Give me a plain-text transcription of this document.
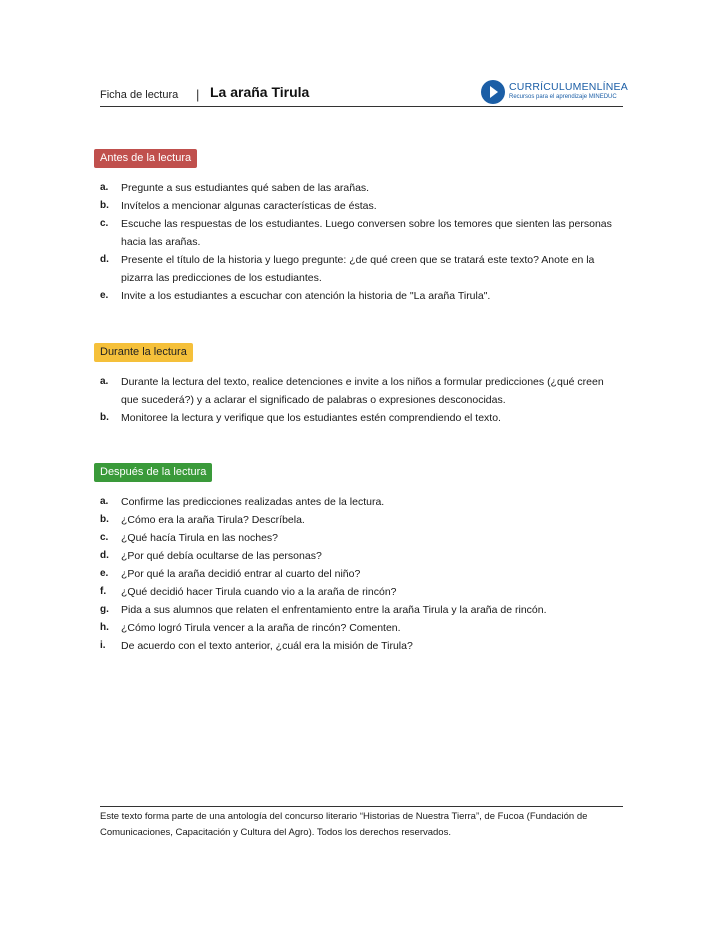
Ficha de lectura | La araña Tirula	CURRÍCULUMENLÍNEA
Recursos para el aprendizaje MINEDUC
Antes de la lectura
a. Pregunte a sus estudiantes qué saben de las arañas.
b. Invítelos a mencionar algunas características de éstas.
c. Escuche las respuestas de los estudiantes. Luego conversen sobre los temores que sienten las personas hacia las arañas.
d. Presente el título de la historia y luego pregunte: ¿de qué creen que se tratará este texto? Anote en la pizarra las predicciones de los estudiantes.
e. Invite a los estudiantes a escuchar con atención la historia de "La araña Tirula".
Durante la lectura
a. Durante la lectura del texto, realice detenciones e invite a los niños a formular predicciones (¿qué creen que sucederá?) y a aclarar el significado de palabras o expresiones desconocidas.
b. Monitoree la lectura y verifique que los estudiantes estén comprendiendo el texto.
Después de la lectura
a. Confirme las predicciones realizadas antes de la lectura.
b. ¿Cómo era la araña Tirula? Descríbela.
c. ¿Qué hacía Tirula en las noches?
d. ¿Por qué debía ocultarse de las personas?
e. ¿Por qué la araña decidió entrar al cuarto del niño?
f. ¿Qué decidió hacer Tirula cuando vio a la araña de rincón?
g. Pida a sus alumnos que relaten el enfrentamiento entre la araña Tirula y la araña de rincón.
h. ¿Cómo logró Tirula vencer a la araña de rincón? Comenten.
i. De acuerdo con el texto anterior, ¿cuál era la misión de Tirula?
Este texto forma parte de una antología del concurso literario “Historias de Nuestra Tierra”, de Fucoa (Fundación de Comunicaciones, Capacitación y Cultura del Agro). Todos los derechos reservados.
